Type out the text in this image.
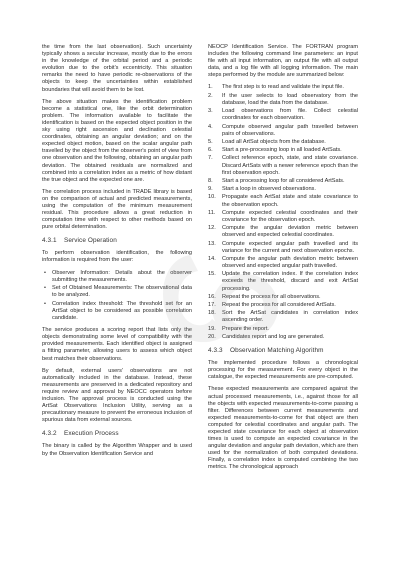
the time from the last observation). Such uncertainty typically shows a secular increase, mostly due to the errors in the knowledge of the orbital period and a periodic evolution due to the orbit's eccentricity. This situation remarks the need to have periodic re-observations of the objects to keep the uncertainties within established boundaries that will avoid them to be lost.

The above situation makes the identification problem become a statistical one, like the orbit determination problem. The information available to facilitate the identification is based on the expected object position in the sky using right ascension and declination celestial coordinates, obtaining an angular deviation; and on the expected object motion, based on the scalar angular path travelled by the object from the observer's point of view from one observation and the following, obtaining an angular path deviation. The obtained residuals are normalized and combined into a correlation index as a metric of how distant the true object and the expected one are.

The correlation process included in TRADE library is based on the comparison of actual and predicted measurements, using the computation of the minimum measurement residual. This procedure allows a great reduction in computation time with respect to other methods based on pure orbital determination.

4.3.1 Service Operation

To perform observation identification, the following information is required from the user:

• Observer Information: Details about the observer submitting the measurements.
• Set of Obtained Measurements: The observational data to be analyzed.
• Correlation index threshold: The threshold set for an ArtSat object to be considered as possible correlation candidate.

The service produces a scoring report that lists only the objects demonstrating some level of compatibility with the provided measurements. Each identified object is assigned a fitting parameter, allowing users to assess which object best matches their observations.

By default, external users' observations are not automatically included in the database. Instead, these measurements are preserved in a dedicated repository and require review and approval by NEOCC operators before inclusion. The approval process is conducted using the ArtSat Observations Inclusion Utility, serving as a precautionary measure to prevent the erroneous inclusion of spurious data from external sources.

4.3.2 Execution Process

The binary is called by the Algorithm Wrapper and is used by the Observation Identification Service and

NEOCP Identification Service. The FORTRAN program includes the following command line parameters: an input file with all input information, an output file with all output data, and a log file with all logging information. The main steps performed by the module are summarized below:

1. The first step is to read and validate the input file.
2. If the user selects to load observatory from the database, load the data from the database.
3. Load observations from file. Collect celestial coordinates for each observation.
4. Compute observed angular path travelled between pairs of observations.
5. Load all ArtSat objects from the database.
6. Start a pre-processing loop in all loaded ArtSats.
7. Collect reference epoch, state, and state covariance. Discard ArtSats with a newer reference epoch than the first observation epoch.
8. Start a processing loop for all considered ArtSats.
9. Start a loop in observed observations.
10. Propagate each ArtSat state and state covariance to the observation epoch.
11. Compute expected celestial coordinates and their covariance for the observation epoch.
12. Compute the angular deviation metric between observed and expected celestial coordinates.
13. Compute expected angular path travelled and its variance for the current and next observation epochs.
14. Compute the angular path deviation metric between observed and expected angular path travelled.
15. Update the correlation index. If the correlation index exceeds the threshold, discard and exit ArtSat processing.
16. Repeat the process for all observations.
17. Repeat the process for all considered ArtSats.
18. Sort the ArtSat candidates in correlation index ascending order.
19. Prepare the report.
20. Candidates report and log are generated.
4.3.3 Observation Matching Algorithm

The implemented procedure follows a chronological processing for the measurement. For every object in the catalogue, the expected measurements are pre-computed.

These expected measurements are compared against the actual processed measurements, i.e., against those for all the objects with expected measurements-to-come passing a filter. Differences between current measurements and expected measurements-to-come for that object are then computed for celestial coordinates and angular path. The expected state covariance for each object at observation times is used to compute an expected covariance in the angular deviation and angular path deviation, which are then used for the normalization of both computed deviations. Finally, a correlation index is computed combining the two metrics. The chronological approach
